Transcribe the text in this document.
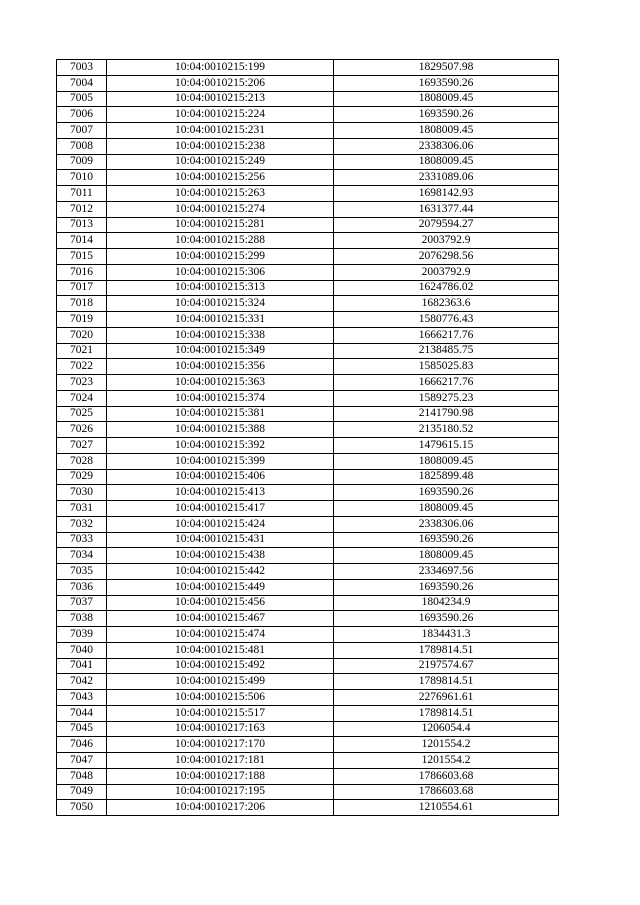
7003	10:04:0010215:199	1829507.98
7004	10:04:0010215:206	1693590.26
7005	10:04:0010215:213	1808009.45
7006	10:04:0010215:224	1693590.26
7007	10:04:0010215:231	1808009.45
7008	10:04:0010215:238	2338306.06
7009	10:04:0010215:249	1808009.45
7010	10:04:0010215:256	2331089.06
7011	10:04:0010215:263	1698142.93
7012	10:04:0010215:274	1631377.44
7013	10:04:0010215:281	2079594.27
7014	10:04:0010215:288	2003792.9
7015	10:04:0010215:299	2076298.56
7016	10:04:0010215:306	2003792.9
7017	10:04:0010215:313	1624786.02
7018	10:04:0010215:324	1682363.6
7019	10:04:0010215:331	1580776.43
7020	10:04:0010215:338	1666217.76
7021	10:04:0010215:349	2138485.75
7022	10:04:0010215:356	1585025.83
7023	10:04:0010215:363	1666217.76
7024	10:04:0010215:374	1589275.23
7025	10:04:0010215:381	2141790.98
7026	10:04:0010215:388	2135180.52
7027	10:04:0010215:392	1479615.15
7028	10:04:0010215:399	1808009.45
7029	10:04:0010215:406	1825899.48
7030	10:04:0010215:413	1693590.26
7031	10:04:0010215:417	1808009.45
7032	10:04:0010215:424	2338306.06
7033	10:04:0010215:431	1693590.26
7034	10:04:0010215:438	1808009.45
7035	10:04:0010215:442	2334697.56
7036	10:04:0010215:449	1693590.26
7037	10:04:0010215:456	1804234.9
7038	10:04:0010215:467	1693590.26
7039	10:04:0010215:474	1834431.3
7040	10:04:0010215:481	1789814.51
7041	10:04:0010215:492	2197574.67
7042	10:04:0010215:499	1789814.51
7043	10:04:0010215:506	2276961.61
7044	10:04:0010215:517	1789814.51
7045	10:04:0010217:163	1206054.4
7046	10:04:0010217:170	1201554.2
7047	10:04:0010217:181	1201554.2
7048	10:04:0010217:188	1786603.68
7049	10:04:0010217:195	1786603.68
7050	10:04:0010217:206	1210554.61
